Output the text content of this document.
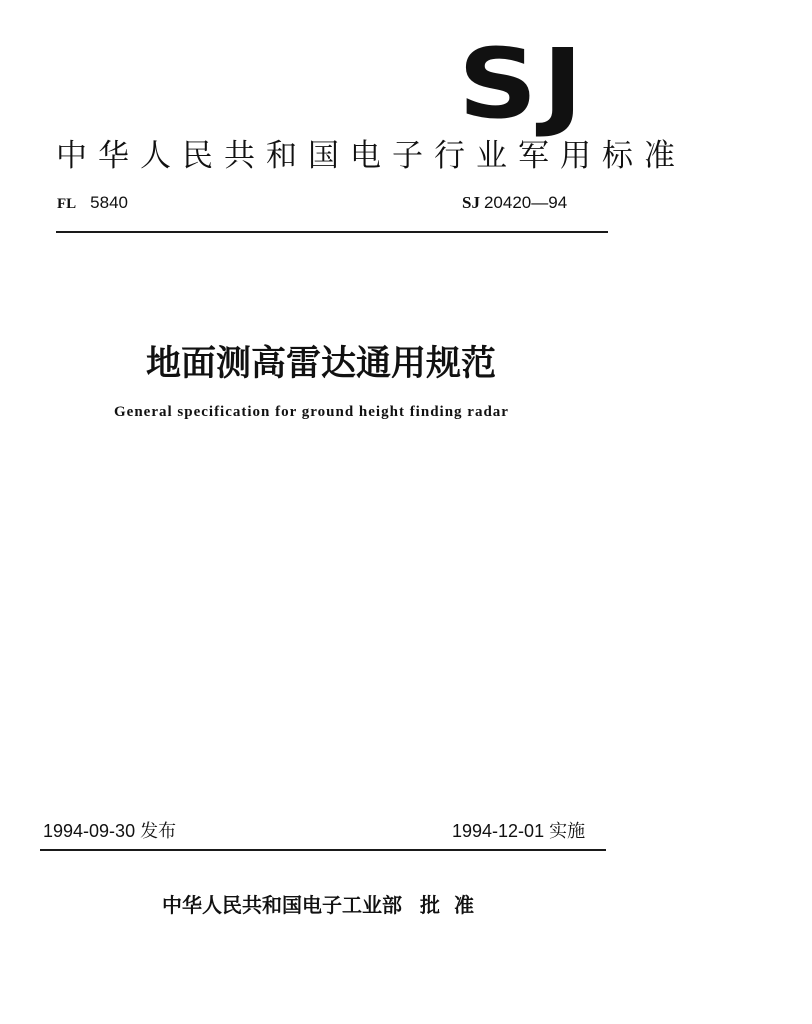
SJ
中华人民共和国电子行业军用标准
FL 5840	SJ 20420—94
地面测高雷达通用规范
General specification for ground height finding radar
1994-09-30 发布	1994-12-01 实施
中华人民共和国电子工业部 批准
